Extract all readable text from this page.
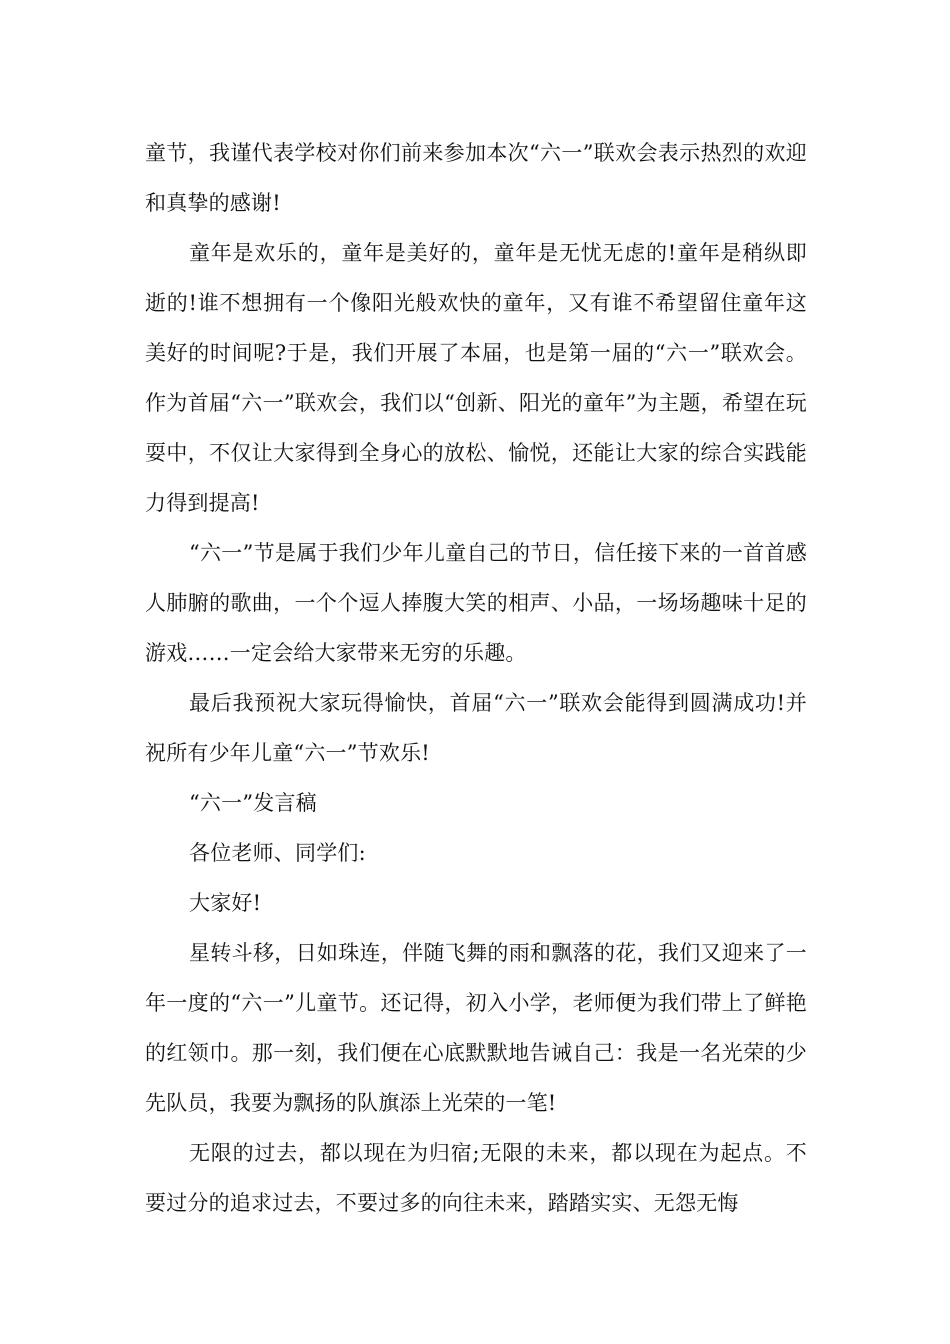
童节，我谨代表学校对你们前来参加本次“六一”联欢会表示热烈的欢迎和真挚的感谢!

童年是欢乐的，童年是美好的，童年是无忧无虑的!童年是稍纵即逝的!谁不想拥有一个像阳光般欢快的童年，又有谁不希望留住童年这美好的时间呢?于是，我们开展了本届，也是第一届的“六一”联欢会。作为首届“六一”联欢会，我们以“创新、阳光的童年”为主题，希望在玩耍中，不仅让大家得到全身心的放松、愉悦，还能让大家的综合实践能力得到提高!

“六一”节是属于我们少年儿童自己的节日，信任接下来的一首首感人肺腑的歌曲，一个个逗人捧腹大笑的相声、小品，一场场趣味十足的游戏……一定会给大家带来无穷的乐趣。

最后我预祝大家玩得愉快，首届“六一”联欢会能得到圆满成功!并祝所有少年儿童“六一”节欢乐!

“六一”发言稿

各位老师、同学们:

大家好!

星转斗移，日如珠连，伴随飞舞的雨和飘落的花，我们又迎来了一年一度的“六一”儿童节。还记得，初入小学，老师便为我们带上了鲜艳的红领巾。那一刻，我们便在心底默默地告诫自己：我是一名光荣的少先队员，我要为飘扬的队旗添上光荣的一笔!

无限的过去，都以现在为归宿;无限的未来，都以现在为起点。不要过分的追求过去，不要过多的向往未来，踏踏实实、无怨无悔
